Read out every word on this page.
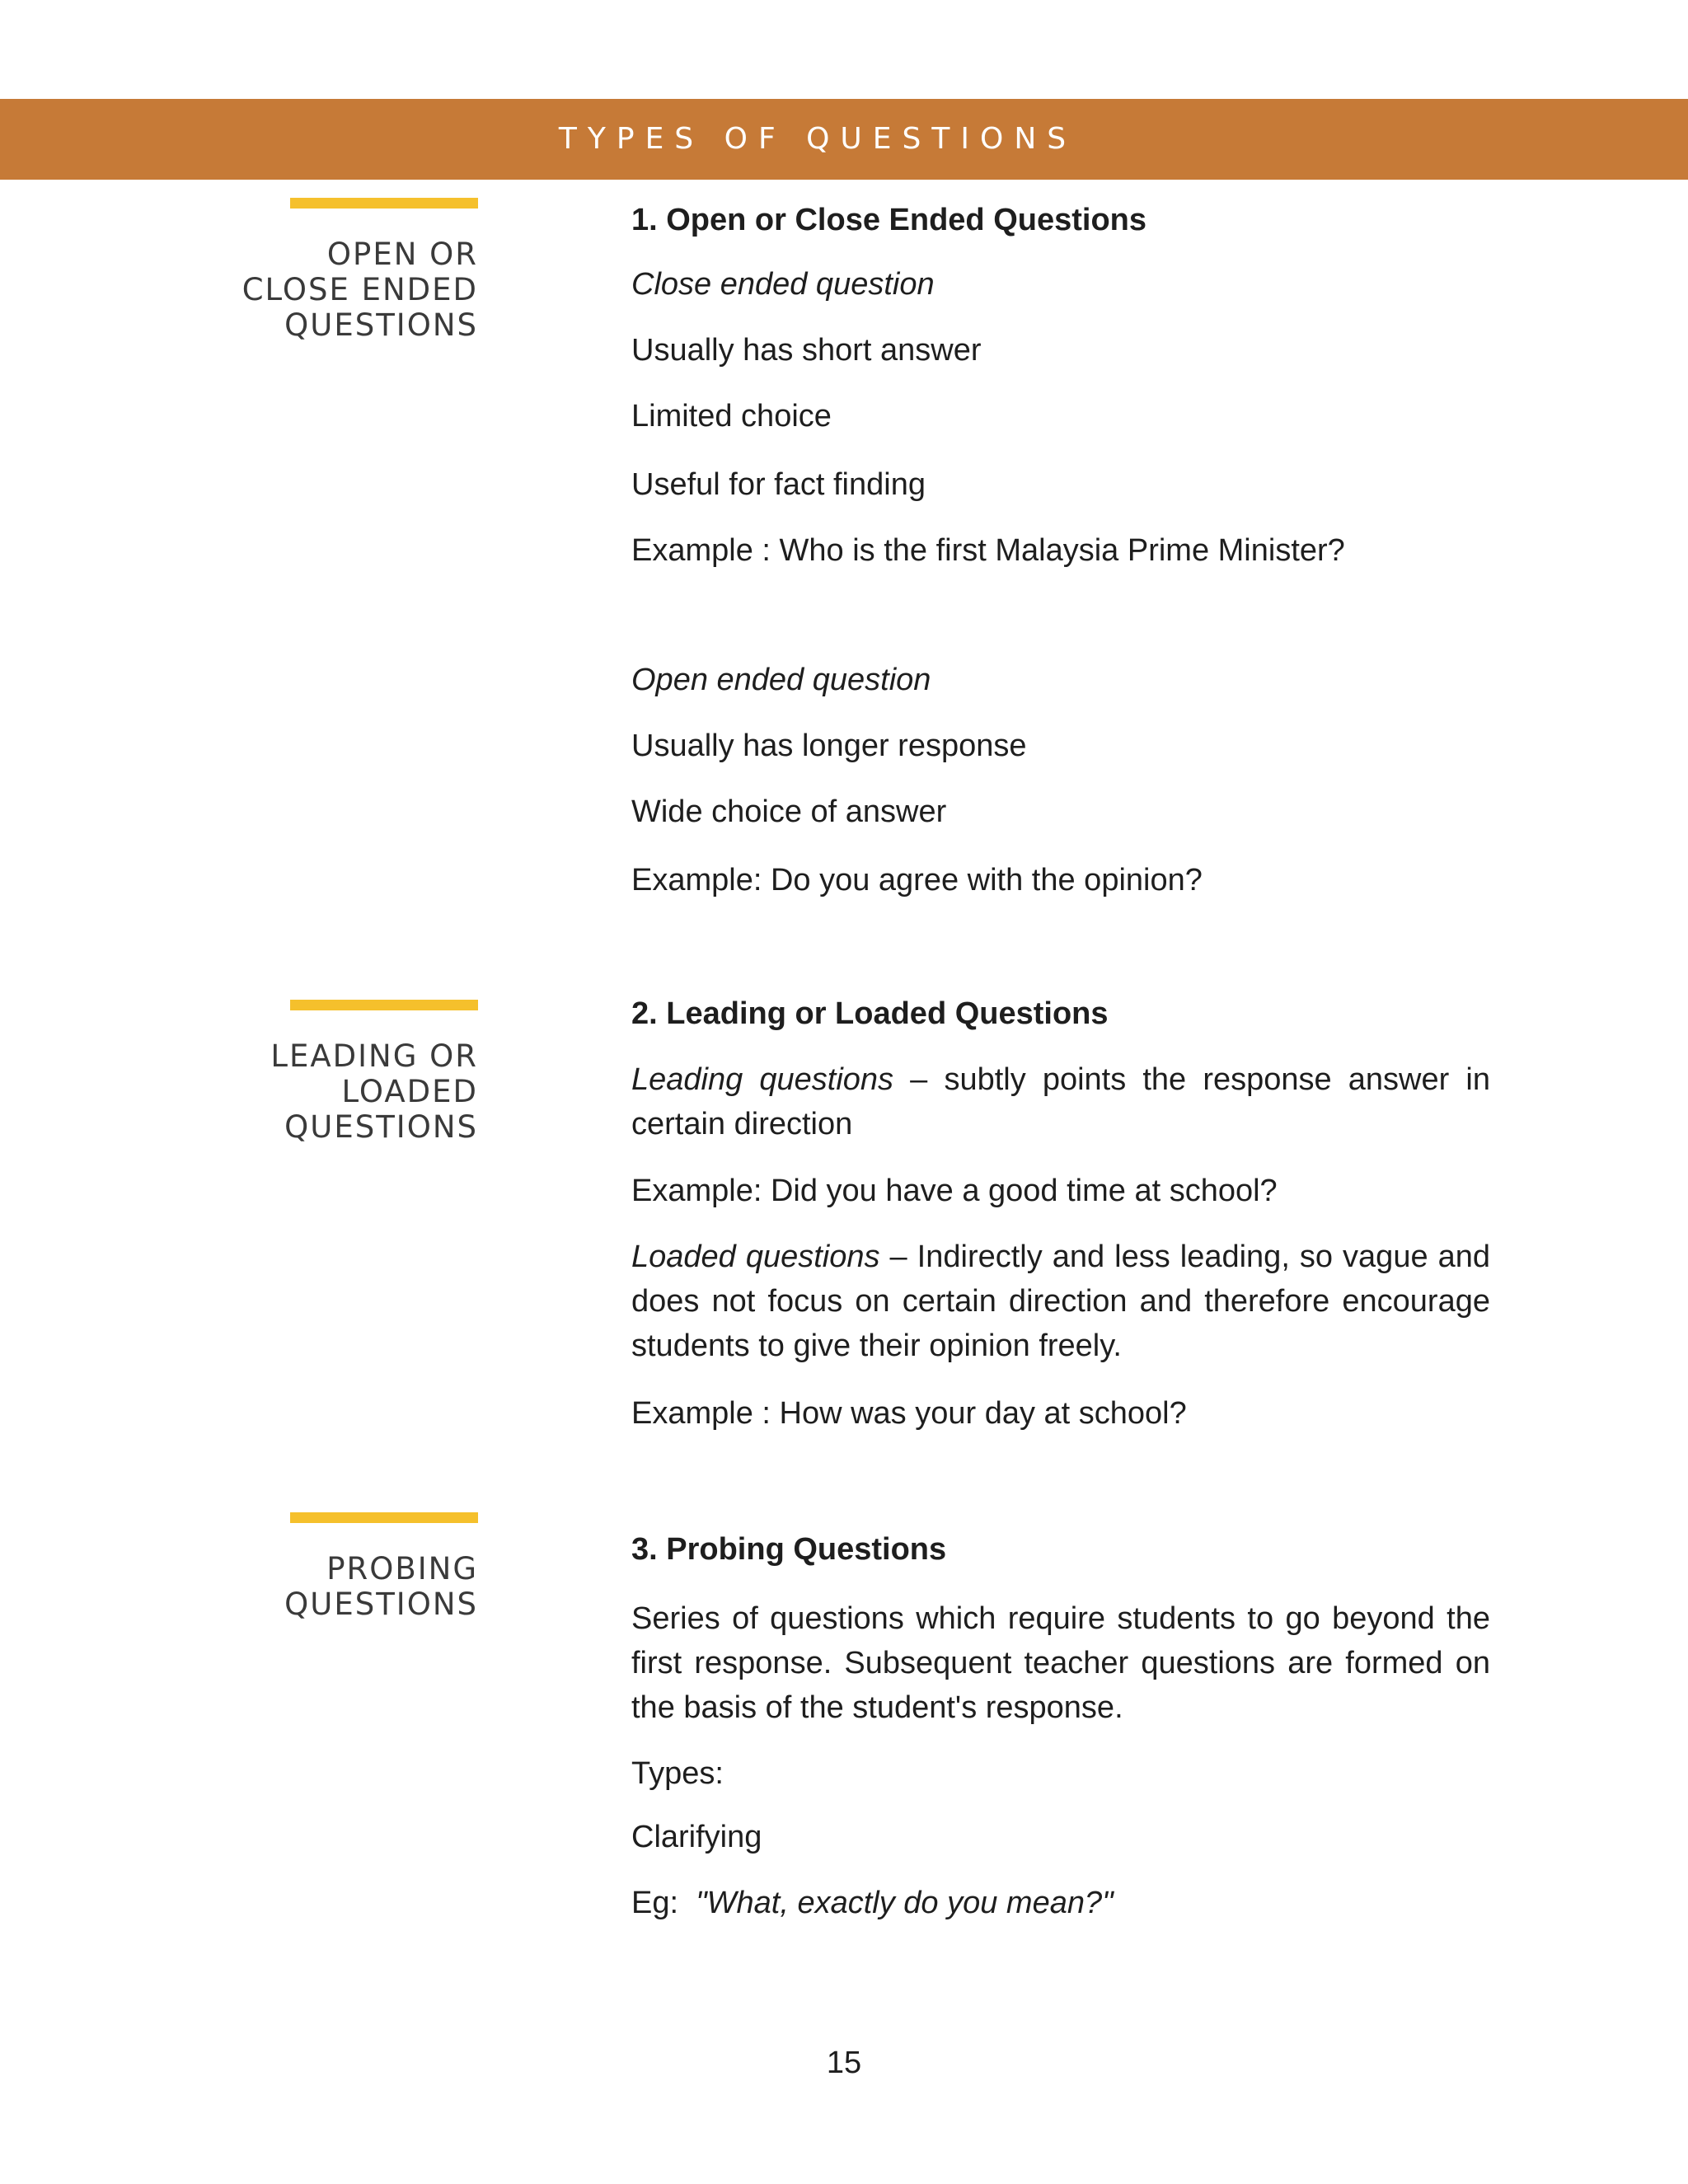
TYPES OF QUESTIONS
OPEN OR
CLOSE ENDED
QUESTIONS
LEADING OR
LOADED
QUESTIONS
PROBING
QUESTIONS
1. Open or Close Ended Questions
Close ended question
Usually has short answer
Limited choice
Useful for fact finding
Example : Who is the first Malaysia Prime Minister?
Open ended question
Usually has longer response
Wide choice of answer
Example: Do you agree with the opinion?
2. Leading or Loaded Questions
Leading questions – subtly points the response answer in certain direction
Example: Did you have a good time at school?
Loaded questions – Indirectly and less leading, so vague and does not focus on certain direction and therefore encourage students to give their opinion freely.
Example : How was your day at school?
3. Probing Questions
Series of questions which require students to go beyond the first response. Subsequent teacher questions are formed on the basis of the student's response.
Types:
Clarifying
Eg:  "What, exactly do you mean?"
15
